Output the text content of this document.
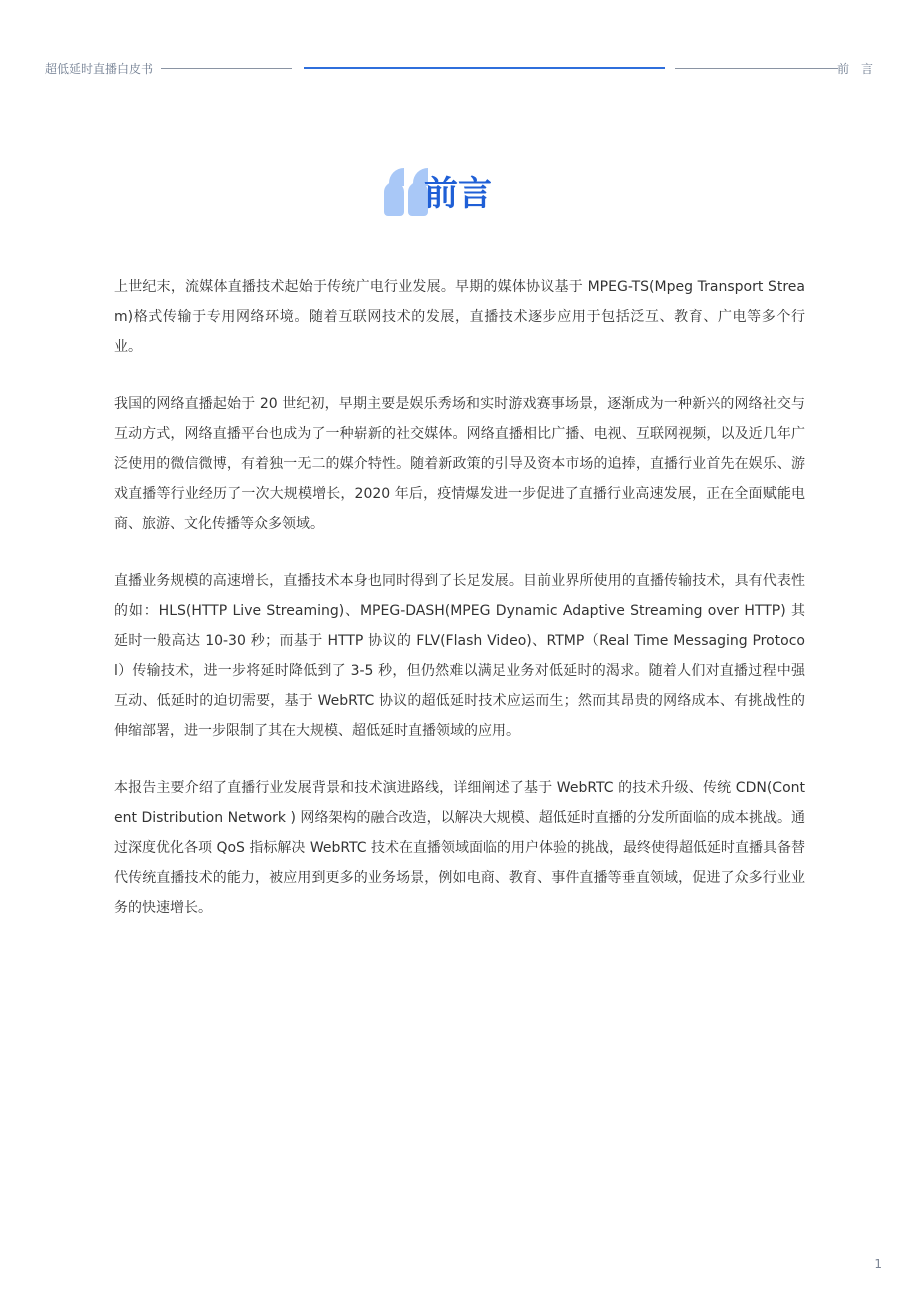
超低延时直播白皮书	前 言
前言

上世纪末，流媒体直播技术起始于传统广电行业发展。早期的媒体协议基于 MPEG-TS(Mpeg Transport Stream)格式传输于专用网络环境。随着互联网技术的发展，直播技术逐步应用于包括泛互、教育、广电等多个行业。

我国的网络直播起始于 20 世纪初，早期主要是娱乐秀场和实时游戏赛事场景，逐渐成为一种新兴的网络社交与互动方式，网络直播平台也成为了一种崭新的社交媒体。网络直播相比广播、电视、互联网视频，以及近几年广泛使用的微信微博，有着独一无二的媒介特性。随着新政策的引导及资本市场的追捧，直播行业首先在娱乐、游戏直播等行业经历了一次大规模增长，2020 年后，疫情爆发进一步促进了直播行业高速发展，正在全面赋能电商、旅游、文化传播等众多领域。

直播业务规模的高速增长，直播技术本身也同时得到了长足发展。目前业界所使用的直播传输技术，具有代表性的如：HLS(HTTP Live Streaming)、MPEG-DASH(MPEG Dynamic Adaptive Streaming over HTTP) 其延时一般高达 10-30 秒；而基于 HTTP 协议的 FLV(Flash Video)、RTMP（Real Time Messaging Protocol）传输技术，进一步将延时降低到了 3-5 秒，但仍然难以满足业务对低延时的渴求。随着人们对直播过程中强互动、低延时的迫切需要，基于 WebRTC 协议的超低延时技术应运而生；然而其昂贵的网络成本、有挑战性的伸缩部署，进一步限制了其在大规模、超低延时直播领域的应用。

本报告主要介绍了直播行业发展背景和技术演进路线，详细阐述了基于 WebRTC 的技术升级、传统 CDN(Content Distribution Network ) 网络架构的融合改造，以解决大规模、超低延时直播的分发所面临的成本挑战。通过深度优化各项 QoS 指标解决 WebRTC 技术在直播领域面临的用户体验的挑战，最终使得超低延时直播具备替代传统直播技术的能力，被应用到更多的业务场景，例如电商、教育、事件直播等垂直领域，促进了众多行业业务的快速增长。

1
